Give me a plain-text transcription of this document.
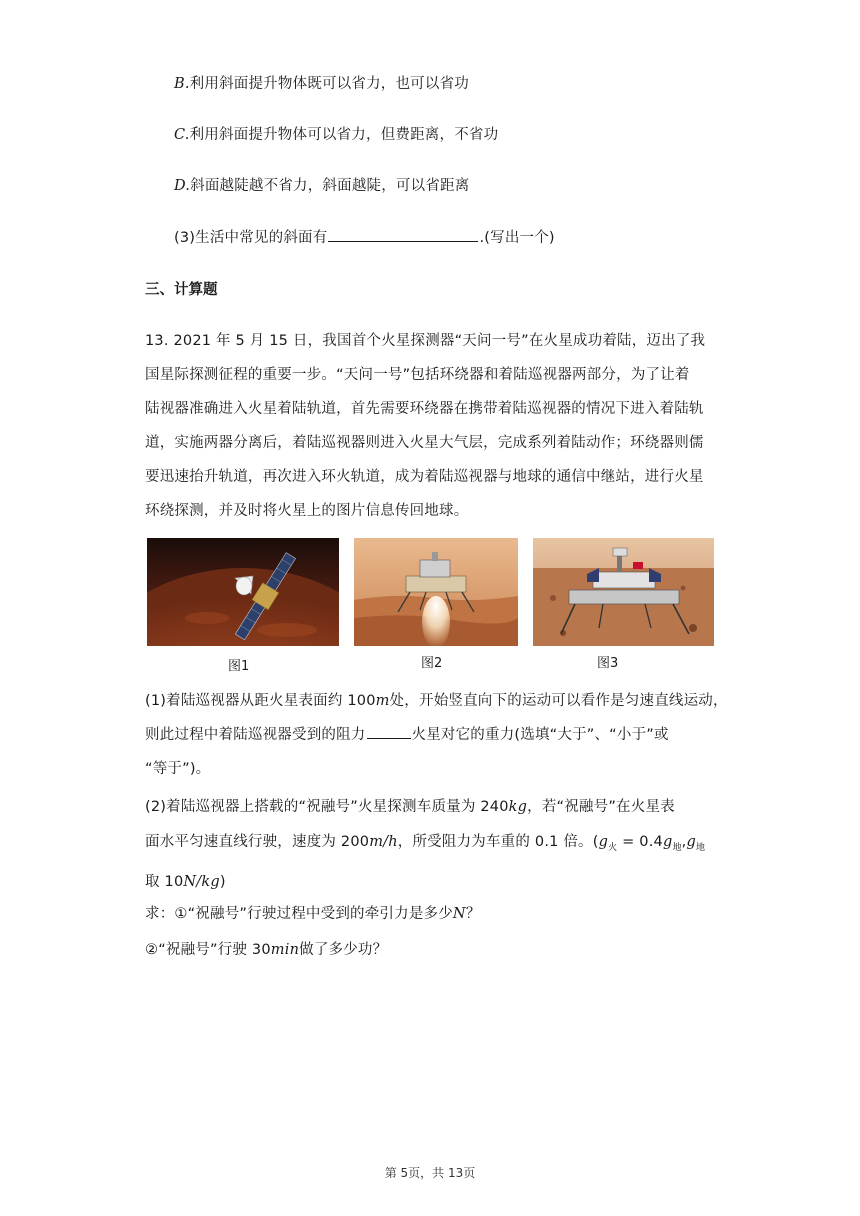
B.利用斜面提升物体既可以省力，也可以省功
C.利用斜面提升物体可以省力，但费距离，不省功
D.斜面越陡越不省力，斜面越陡，可以省距离
(3)生活中常见的斜面有	.(写出一个)
三、计算题
13. 2021 年 5 月 15 日，我国首个火星探测器“天问一号”在火星成功着陆，迈出了我
国星际探测征程的重要一步。“天问一号”包括环绕器和着陆巡视器两部分，为了让着
陆视器准确进入火星着陆轨道，首先需要环绕器在携带着陆巡视器的情况下进入着陆轨
道，实施两器分离后，着陆巡视器则进入火星大气层，完成系列着陆动作；环绕器则儒
要迅速抬升轨道，再次进入环火轨道，成为着陆巡视器与地球的通信中继站，进行火星
环绕探测，并及时将火星上的图片信息传回地球。
图1	图2	图3
(1)着陆巡视器从距火星表面约 100m处，开始竖直向下的运动可以看作是匀速直线运动，
则此过程中着陆巡视器受到的阻力	火星对它的重力(选填“大于”、“小于”或
“等于”)。
(2)着陆巡视器上搭载的“祝融号”火星探测车质量为 240kg，若“祝融号”在火星表
面水平匀速直线行驶，速度为 200m/h，所受阻力为车重的 0.1 倍。($g_火 = 0.4g_地,g_地$
取 10N/kg)
求：①“祝融号”行驶过程中受到的牵引力是多少N？
②“祝融号”行驶 30min做了多少功？
第 5页，共 13页
